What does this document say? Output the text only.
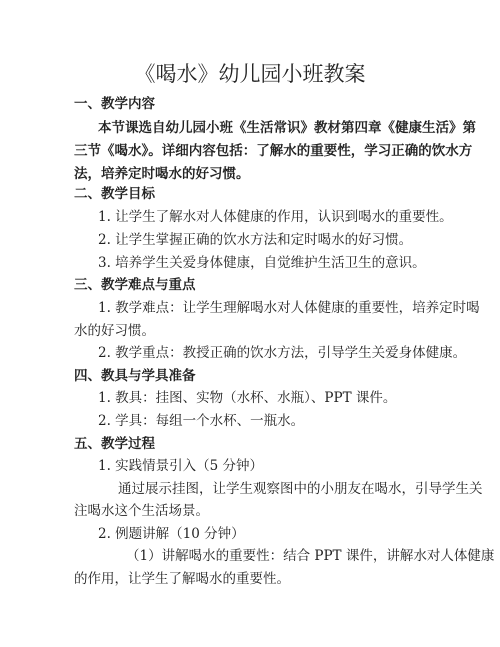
《喝水》幼儿园小班教案
一、教学内容
本节课选自幼儿园小班《生活常识》教材第四章《健康生活》第
三节《喝水》。详细内容包括：了解水的重要性，学习正确的饮水方
法，培养定时喝水的好习惯。
二、教学目标
1. 让学生了解水对人体健康的作用，认识到喝水的重要性。
2. 让学生掌握正确的饮水方法和定时喝水的好习惯。
3. 培养学生关爱身体健康，自觉维护生活卫生的意识。
三、教学难点与重点
1. 教学难点：让学生理解喝水对人体健康的重要性，培养定时喝
水的好习惯。
2. 教学重点：教授正确的饮水方法，引导学生关爱身体健康。
四、教具与学具准备
1. 教具：挂图、实物（水杯、水瓶）、PPT 课件。
2. 学具：每组一个水杯、一瓶水。
五、教学过程
1. 实践情景引入（5 分钟）
通过展示挂图，让学生观察图中的小朋友在喝水，引导学生关
注喝水这个生活场景。
2. 例题讲解（10 分钟）
（1）讲解喝水的重要性：结合 PPT 课件，讲解水对人体健康
的作用，让学生了解喝水的重要性。
